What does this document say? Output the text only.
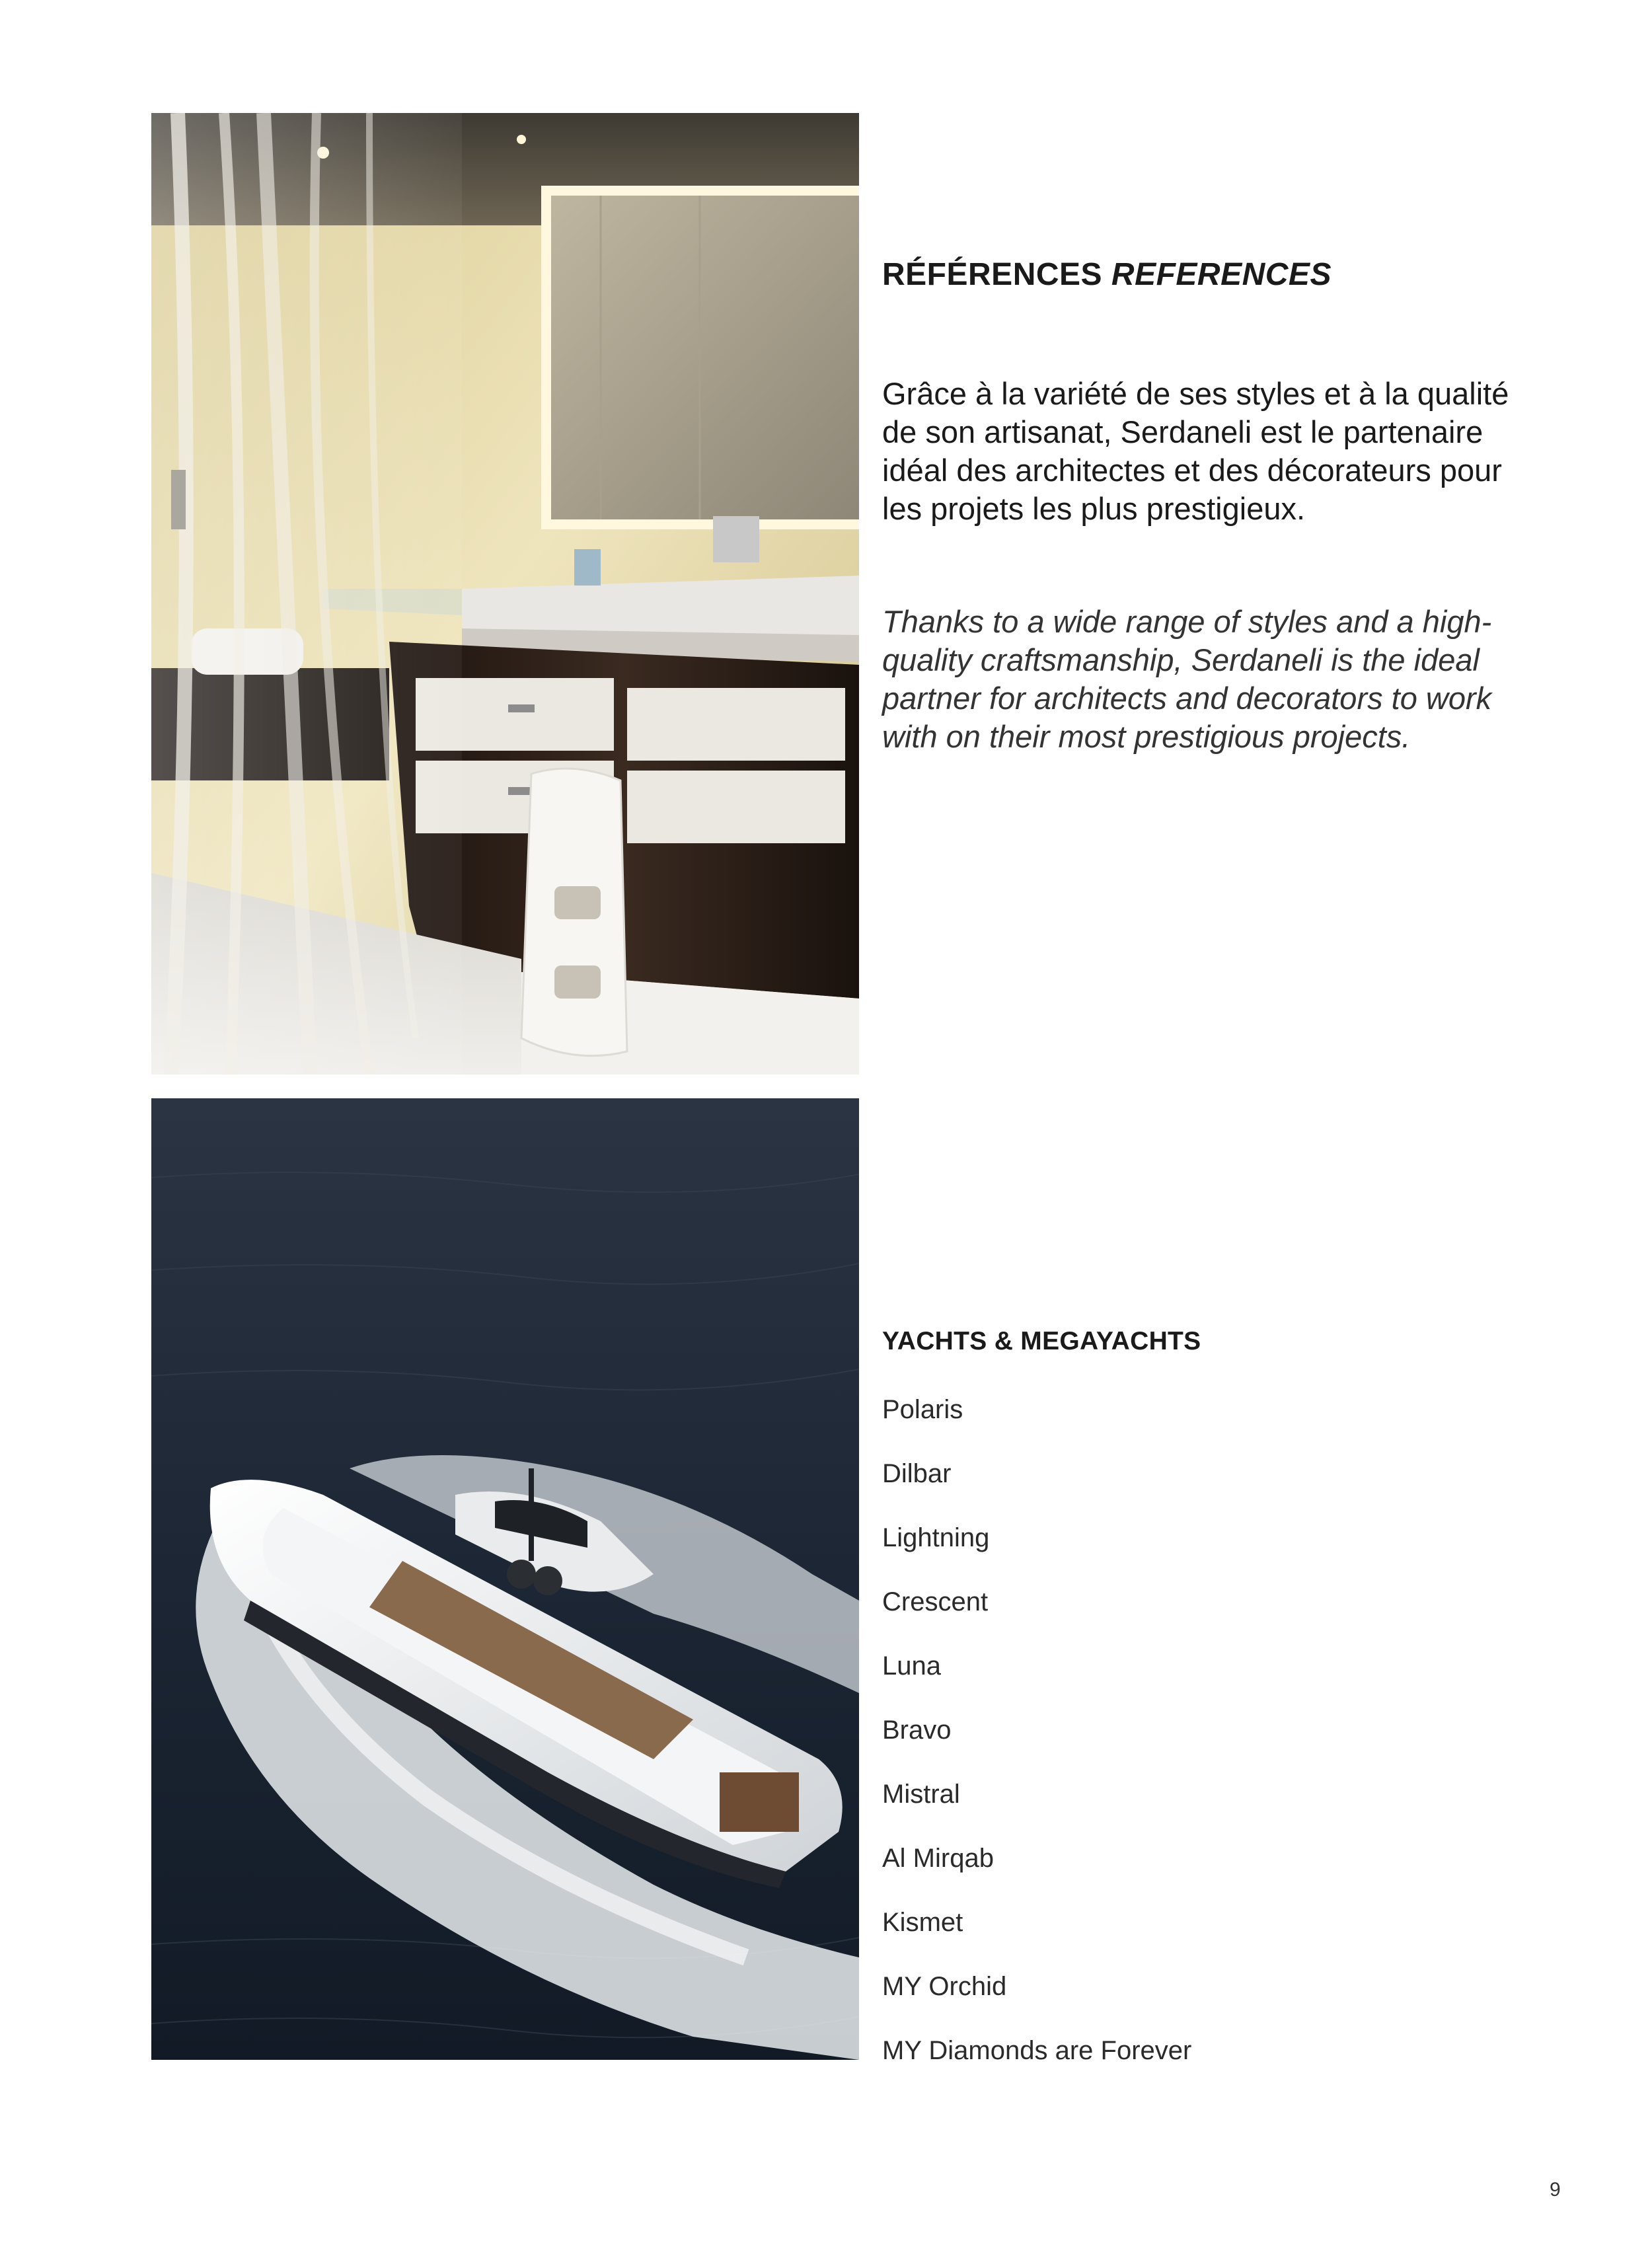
RÉFÉRENCES REFERENCES

Grâce à la variété de ses styles et à la qualité de son artisanat, Serdaneli est le partenaire idéal des architectes et des décorateurs pour les projets les plus prestigieux.

Thanks to a wide range of styles and a high-quality craftsmanship, Serdaneli is the ideal partner for architects and decorators to work with on their most prestigious projects.

YACHTS & MEGAYACHTS
Polaris
Dilbar
Lightning
Crescent
Luna
Bravo
Mistral
Al Mirqab
Kismet
MY Orchid
MY Diamonds are Forever
9
